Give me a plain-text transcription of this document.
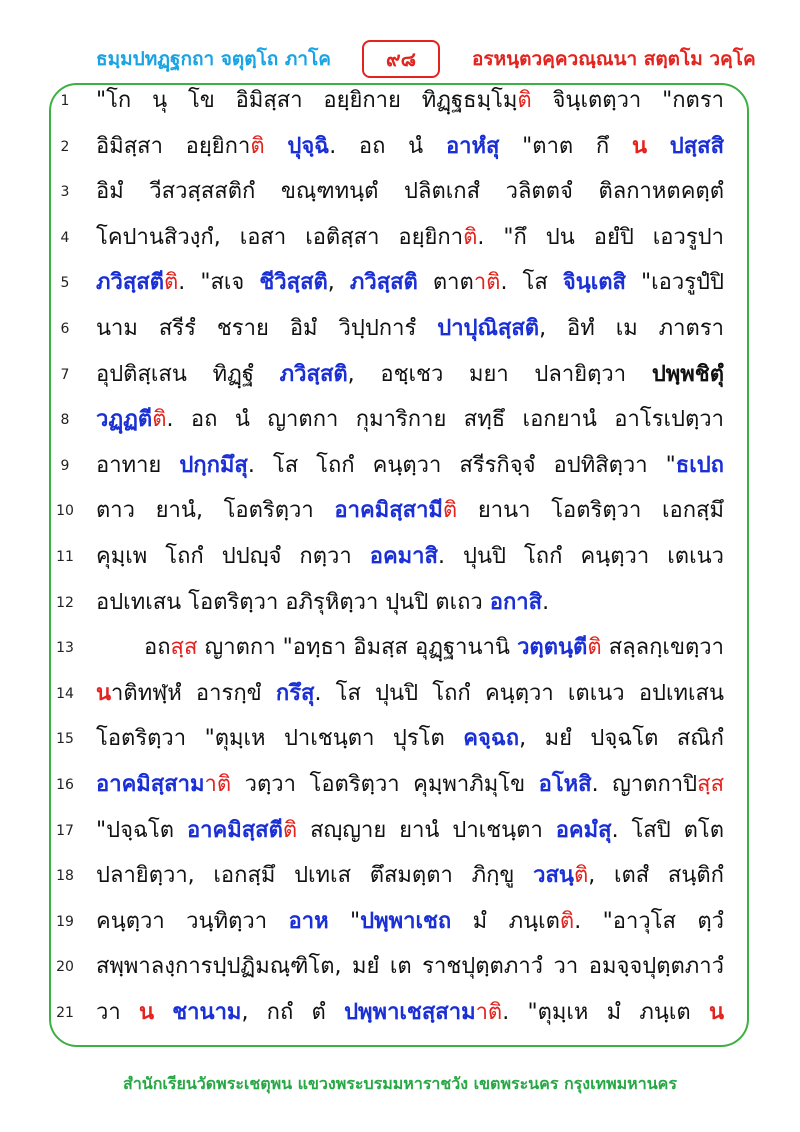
ธมฺมปทฏฺฐกถา จตุตฺโถ ภาโค	๙๘	อรหนฺตวคฺควณฺณนา สตฺตโม วคฺโค
1	"โก นุ โข อิมิสฺสา อยฺยิกาย ทิฏฺฐธมฺโมฺติ จินฺเตตฺวา "กตรา
2	อิมิสฺสา อยฺยิกาติ ปุจฺฉิ. อถ นํ อาหํสุ "ตาต กึ น ปสฺสสิ
3	อิมํ วีสวสฺสสติกํ ขณฺฑทนฺตํ ปลิตเกสํ วลิตตจํ ติลกาหตคตฺตํ
4	โคปานสิวงฺกํ, เอสา เอติสฺสา อยฺยิกาติ. "กึ ปน อยํปิ เอวรูปา
5	ภวิสฺสตีติ. "สเจ ชีวิสฺสติ, ภวิสฺสติ ตาตาติ. โส จินฺเตสิ "เอวรูปํปิ
6	นาม สรีรํ ชราย อิมํ วิปฺปการํ ปาปุณิสฺสติ, อิทํ เม ภาตรา
7	อุปติสฺเสน ทิฏฺฐํ ภวิสฺสติ, อชฺเชว มยา ปลายิตฺวา ปพฺพชิตุํ
8	วฏฺฏตีติ. อถ นํ ญาตกา กุมาริกาย สทฺธึ เอกยานํ อาโรเปตฺวา
9	อาทาย ปกฺกมึสุ. โส โถกํ คนฺตฺวา สรีรกิจฺจํ อปทิสิตฺวา "ธเปถ
10 ตาว ยานํ, โอตริตฺวา อาคมิสฺสามีติ ยานา โอตริตฺวา เอกสฺมึ
11 คุมฺเพ โถกํ ปปญฺจํ กตฺวา อคมาสิ. ปุนปิ โถกํ คนฺตฺวา เตเนว
12 อปเทเสน โอตริตฺวา อภิรุหิตฺวา ปุนปิ ตเถว อกาสิ.
13	อถสฺส ญาตกา "อทฺธา อิมสฺส อุฏฺฐานานิ วตฺตนฺตีติ สลฺลกฺเขตฺวา
14 นาติทฬฺหํ อารกฺขํ กรึสุ. โส ปุนปิ โถกํ คนฺตฺวา เตเนว อปเทเสน
15 โอตริตฺวา "ตุมฺเห ปาเชนฺตา ปุรโต คจฺฉถ, มยํ ปจฺฉโต สณิกํ
16 อาคมิสฺสามาติ วตฺวา โอตริตฺวา คุมฺพาภิมุโข อโหสิ. ญาตกาปิสฺส
17 "ปจฺฉโต อาคมิสฺสตีติ สญฺญาย ยานํ ปาเชนฺตา อคมํสุ. โสปิ ตโต
18 ปลายิตฺวา, เอกสฺมึ ปเทเส ตึสมตฺตา ภิกฺขู วสนฺติ, เตสํ สนฺติกํ
19 คนฺตฺวา วนฺทิตฺวา อาห "ปพฺพาเชถ มํ ภนฺเตติ. "อาวุโส ตฺวํ
20 สพฺพาลงฺการปฺปฏิมณฺฑิโต, มยํ เต ราชปุตฺตภาวํ วา อมจฺจปุตฺตภาวํ
21 วา น ชานาม, กถํ ตํ ปพฺพาเชสฺสามาติ. "ตุมฺเห มํ ภนฺเต น
สำนักเรียนวัดพระเชตุพน แขวงพระบรมมหาราชวัง เขตพระนคร กรุงเทพมหานคร
